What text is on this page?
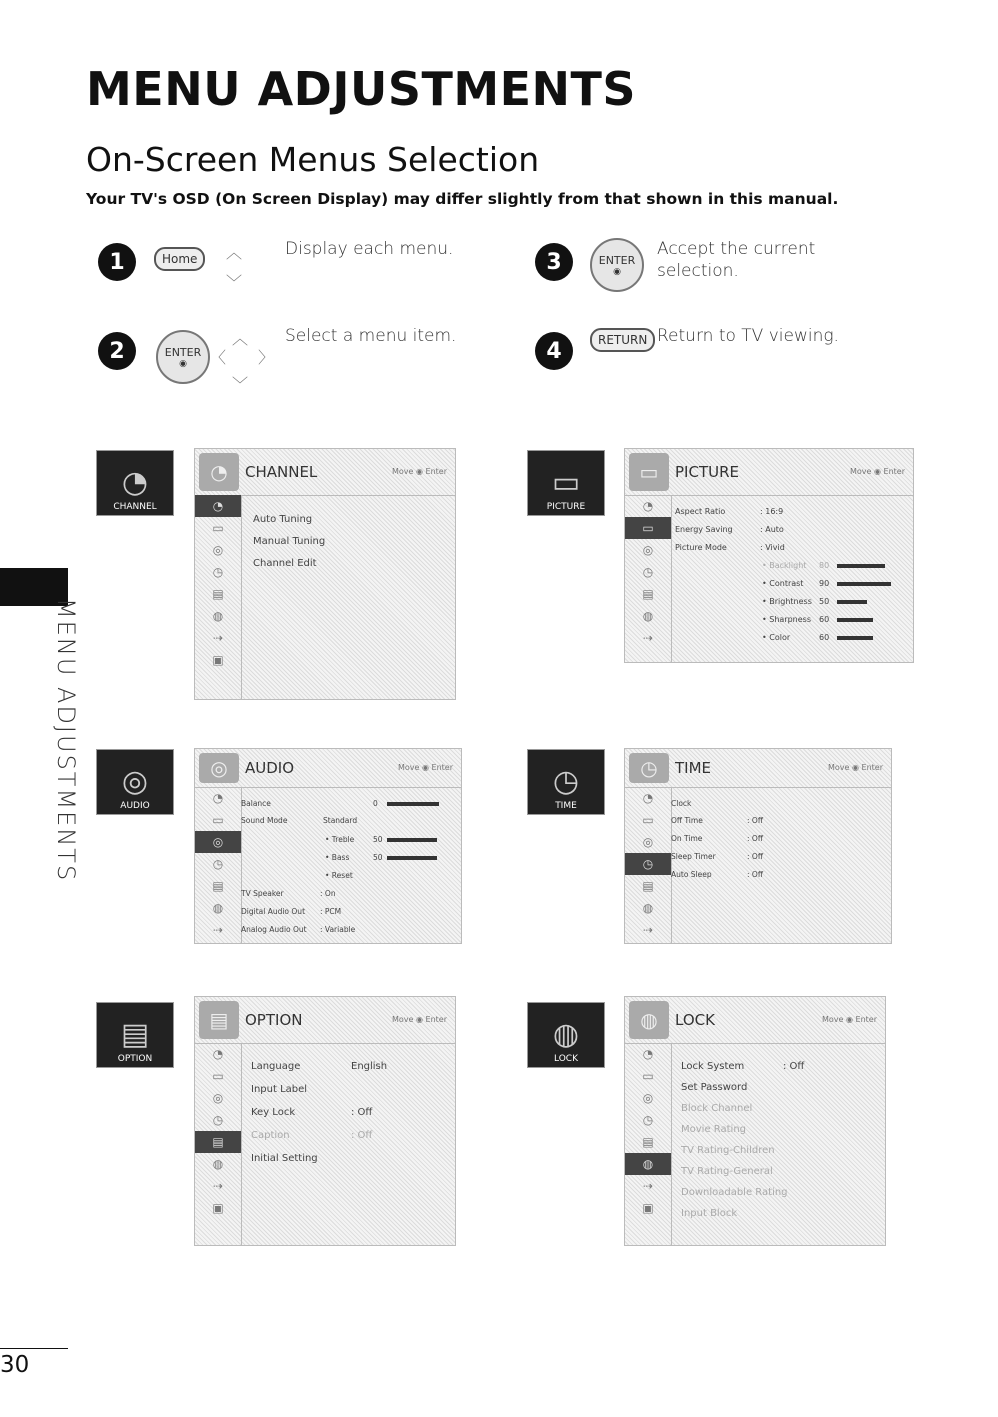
MENU ADJUSTMENTS
On-Screen Menus Selection
Your TV's OSD (On Screen Display) may differ slightly from that shown in this manual.
1	Home	︿
﹀
Display each menu.
2	ENTER
◉
︿
〈 〉
﹀
Select a menu item.
3	ENTER
◉
Accept the current selection.
4	RETURN Return to TV viewing.
MENU ADJUSTMENTS
30
◔
CHANNEL
◔	CHANNEL	Move ◉ Enter
◔
▭
◎
◷
▤
◍
⇢
▣
Auto Tuning
Manual Tuning
Channel Edit
▭
PICTURE
▭	PICTURE	Move ◉ Enter
◔
▭
◎
◷
▤
◍
⇢
Aspect Ratio	: 16:9
Energy Saving	: Auto
Picture Mode	: Vivid
• Backlight 80
• Contrast 90
• Brightness 50
• Sharpness 60
• Color	60
◎
AUDIO
◎	AUDIO	Move ◉ Enter
◔
▭
◎
◷
▤
◍
⇢
Balance	0
Sound Mode	Standard
• Treble 50
• Bass	50
• Reset
TV Speaker	: On
Digital Audio Out : PCM
Analog Audio Out : Variable
◷
TIME
◷	TIME	Move ◉ Enter
◔
▭
◎
◷
▤
◍
⇢
Clock
Off Time	: Off
On Time	: Off
Sleep Timer	: Off
Auto Sleep	: Off
▤
OPTION
▤	OPTION	Move ◉ Enter
◔
▭
◎
◷
▤
◍
⇢
▣
Language	English
Input Label
Key Lock	: Off
Caption	: Off
Initial Setting
◍
LOCK
◍	LOCK	Move ◉ Enter
◔
▭
◎
◷
▤
◍
⇢
▣
Lock System	: Off
Set Password
Block Channel
Movie Rating
TV Rating-Children
TV Rating-General
Downloadable Rating
Input Block
